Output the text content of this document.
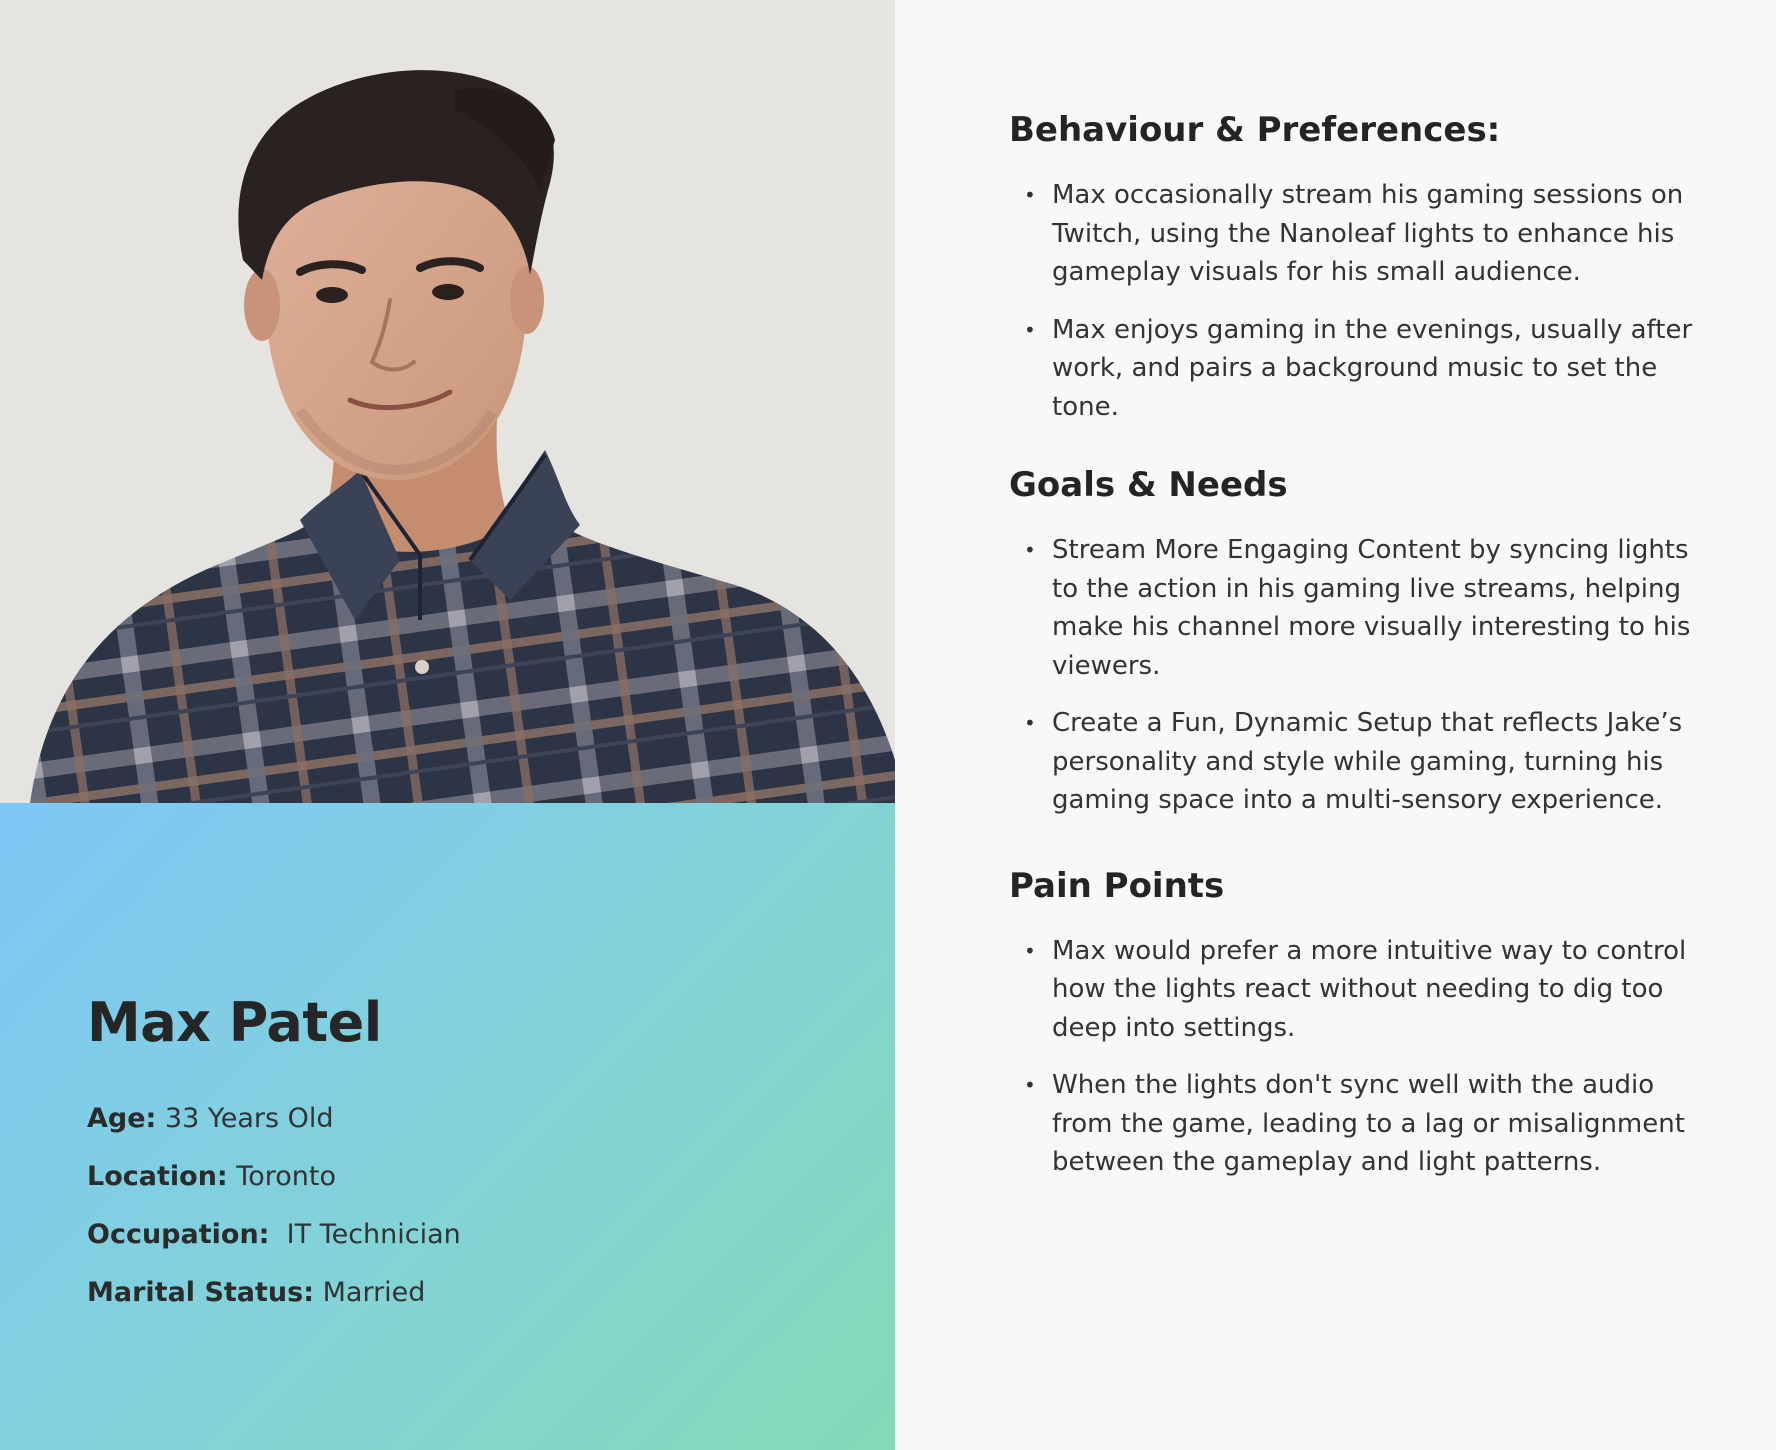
Max Patel
Age: 33 Years Old
Location: Toronto
Occupation:  IT Technician
Marital Status: Married
Behaviour & Preferences:
• Max occasionally stream his gaming sessions on Twitch, using the Nanoleaf lights to enhance his gameplay visuals for his small audience.
• Max enjoys gaming in the evenings, usually after work, and pairs a background music to set the tone.
Goals & Needs
• Stream More Engaging Content by syncing lights to the action in his gaming live streams, helping make his channel more visually interesting to his viewers.
• Create a Fun, Dynamic Setup that reflects Jake’s personality and style while gaming, turning his gaming space into a multi-sensory experience.
Pain Points
• Max would prefer a more intuitive way to control how the lights react without needing to dig too deep into settings.
• When the lights don't sync well with the audio from the game, leading to a lag or misalignment between the gameplay and light patterns.
